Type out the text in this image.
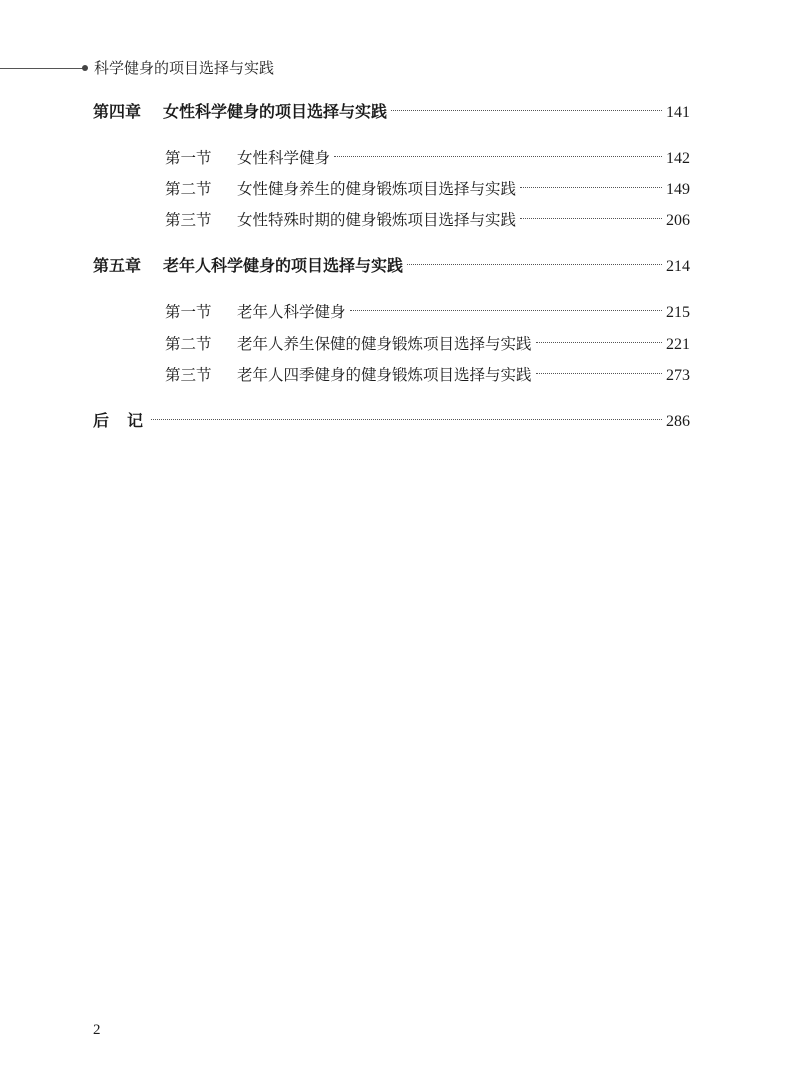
科学健身的项目选择与实践
第四章	女性科学健身的项目选择与实践	141
第一节	女性科学健身	142
第二节	女性健身养生的健身锻炼项目选择与实践	149
第三节	女性特殊时期的健身锻炼项目选择与实践	206
第五章	老年人科学健身的项目选择与实践	214
第一节	老年人科学健身	215
第二节	老年人养生保健的健身锻炼项目选择与实践	221
第三节	老年人四季健身的健身锻炼项目选择与实践	273
后记	286
2
